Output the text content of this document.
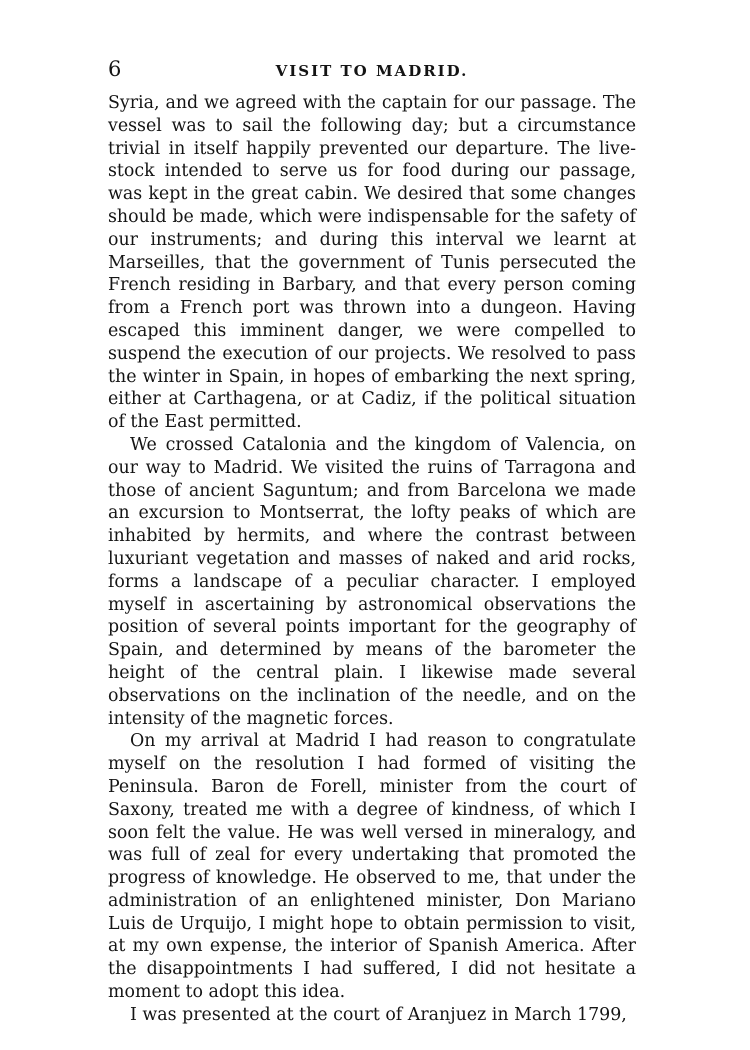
6	VISIT TO MADRID.

Syria, and we agreed with the captain for our passage. The vessel was to sail the following day; but a circumstance trivial in itself happily prevented our departure. The live-stock intended to serve us for food during our passage, was kept in the great cabin. We desired that some changes should be made, which were indispensable for the safety of our instruments; and during this interval we learnt at Marseilles, that the government of Tunis persecuted the French residing in Barbary, and that every person coming from a French port was thrown into a dungeon. Having escaped this imminent danger, we were compelled to suspend the execution of our projects. We resolved to pass the winter in Spain, in hopes of embarking the next spring, either at Carthagena, or at Cadiz, if the political situation of the East permitted.

We crossed Catalonia and the kingdom of Valencia, on our way to Madrid. We visited the ruins of Tarragona and those of ancient Saguntum; and from Barcelona we made an excursion to Montserrat, the lofty peaks of which are inhabited by hermits, and where the contrast between luxuriant vegetation and masses of naked and arid rocks, forms a landscape of a peculiar character. I employed myself in ascertaining by astronomical observations the position of several points important for the geography of Spain, and determined by means of the barometer the height of the central plain. I likewise made several observations on the inclination of the needle, and on the intensity of the magnetic forces.

On my arrival at Madrid I had reason to congratulate myself on the resolution I had formed of visiting the Peninsula. Baron de Forell, minister from the court of Saxony, treated me with a degree of kindness, of which I soon felt the value. He was well versed in mineralogy, and was full of zeal for every undertaking that promoted the progress of knowledge. He observed to me, that under the administration of an enlightened minister, Don Mariano Luis de Urquijo, I might hope to obtain permission to visit, at my own expense, the interior of Spanish America. After the disappointments I had suffered, I did not hesitate a moment to adopt this idea.

I was presented at the court of Aranjuez in March 1799,
